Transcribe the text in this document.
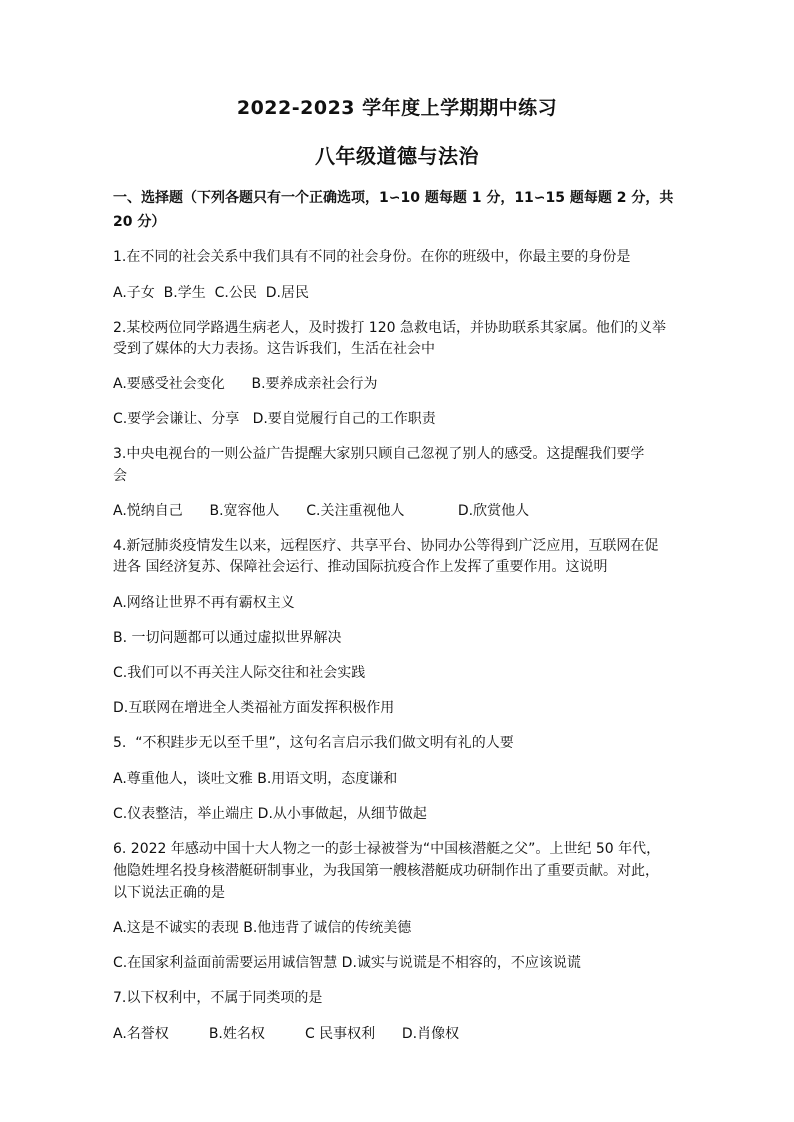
2022-2023 学年度上学期期中练习
八年级道德与法治
一、选择题（下列各题只有一个正确选项，1∽10 题每题 1 分，11∽15 题每题 2 分，共
20 分）
1.在不同的社会关系中我们具有不同的社会身份。在你的班级中，你最主要的身份是
A.子女  B.学生  C.公民  D.居民
2.某校两位同学路遇生病老人，及时拨打 120 急救电话，并协助联系其家属。他们的义举
受到了媒体的大力表扬。这告诉我们，生活在社会中
A.要感受社会变化      B.要养成亲社会行为
C.要学会谦让、分享   D.要自觉履行自己的工作职责
3.中央电视台的一则公益广告提醒大家别只顾自己忽视了别人的感受。这提醒我们要学
会
A.悦纳自己      B.宽容他人      C.关注重视他人            D.欣赏他人
4.新冠肺炎疫情发生以来，远程医疗、共享平台、协同办公等得到广泛应用，互联网在促
进各 国经济复苏、保障社会运行、推动国际抗疫合作上发挥了重要作用。这说明
A.网络让世界不再有霸权主义
B. 一切问题都可以通过虚拟世界解决
C.我们可以不再关注人际交往和社会实践
D.互联网在增进全人类福祉方面发挥积极作用
5.  “不积跬步无以至千里”，这句名言启示我们做文明有礼的人要
A.尊重他人，谈吐文雅 B.用语文明，态度谦和
C.仪表整洁，举止端庄 D.从小事做起，从细节做起
6. 2022 年感动中国十大人物之一的彭士禄被誉为“中国核潜艇之父”。上世纪 50 年代，
他隐姓埋名投身核潜艇研制事业，为我国第一艘核潜艇成功研制作出了重要贡献。对此，
以下说法正确的是
A.这是不诚实的表现 B.他违背了诚信的传统美德
C.在国家利益面前需要运用诚信智慧 D.诚实与说谎是不相容的，不应该说谎
7.以下权利中，不属于同类项的是
A.名誉权         B.姓名权         C 民事权利      D.肖像权
